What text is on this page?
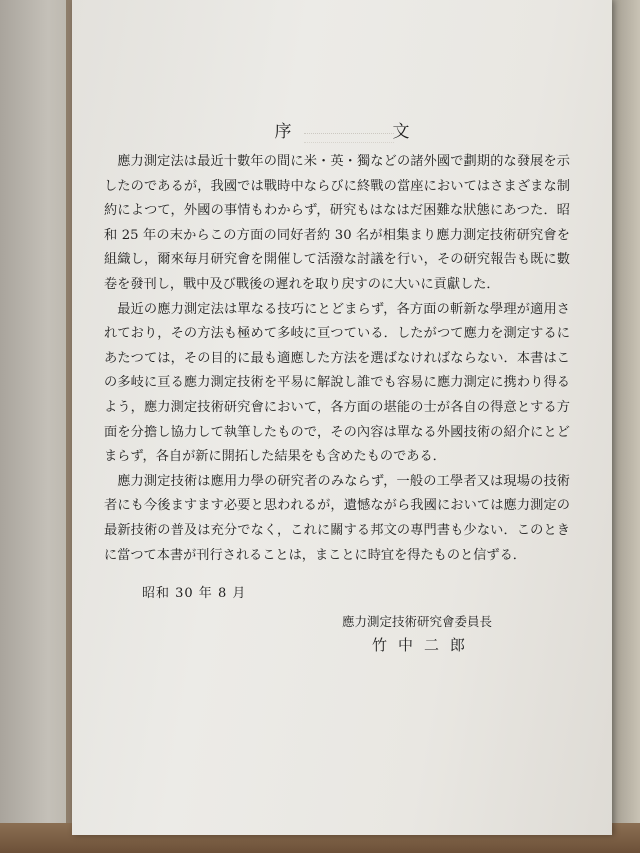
序　文

應力測定法は最近十數年の間に米・英・獨などの諸外國で劃期的な發展を示したのであるが，我國では戰時中ならびに終戰の當座においてはさまざまな制約によつて，外國の事情もわからず，研究もはなはだ困難な狀態にあつた．昭和 25 年の末からこの方面の同好者約 30 名が相集まり應力測定技術研究會を組織し，爾來毎月研究會を開催して活潑な討議を行い，その研究報告も既に數卷を發刊し，戰中及び戰後の遲れを取り戻すのに大いに貢獻した．

最近の應力測定法は單なる技巧にとどまらず，各方面の斬新な學理が適用されており，その方法も極めて多岐に亘つている．したがつて應力を測定するにあたつては，その目的に最も適應した方法を選ばなければならない．本書はこの多岐に亘る應力測定技術を平易に解說し誰でも容易に應力測定に携わり得るよう，應力測定技術研究會において，各方面の堪能の士が各自の得意とする方面を分擔し協力して執筆したもので，その內容は單なる外國技術の紹介にとどまらず，各自が新に開拓した結果をも含めたものである．

應力測定技術は應用力學の研究者のみならず，一般の工學者又は現場の技術者にも今後ますます必要と思われるが，遺憾ながら我國においては應力測定の最新技術の普及は充分でなく，これに關する邦文の專門書も少ない．このときに當つて本書が刊行されることは，まことに時宜を得たものと信ずる．

昭和 30 年 8 月
應力測定技術研究會委員長
竹中二郎
